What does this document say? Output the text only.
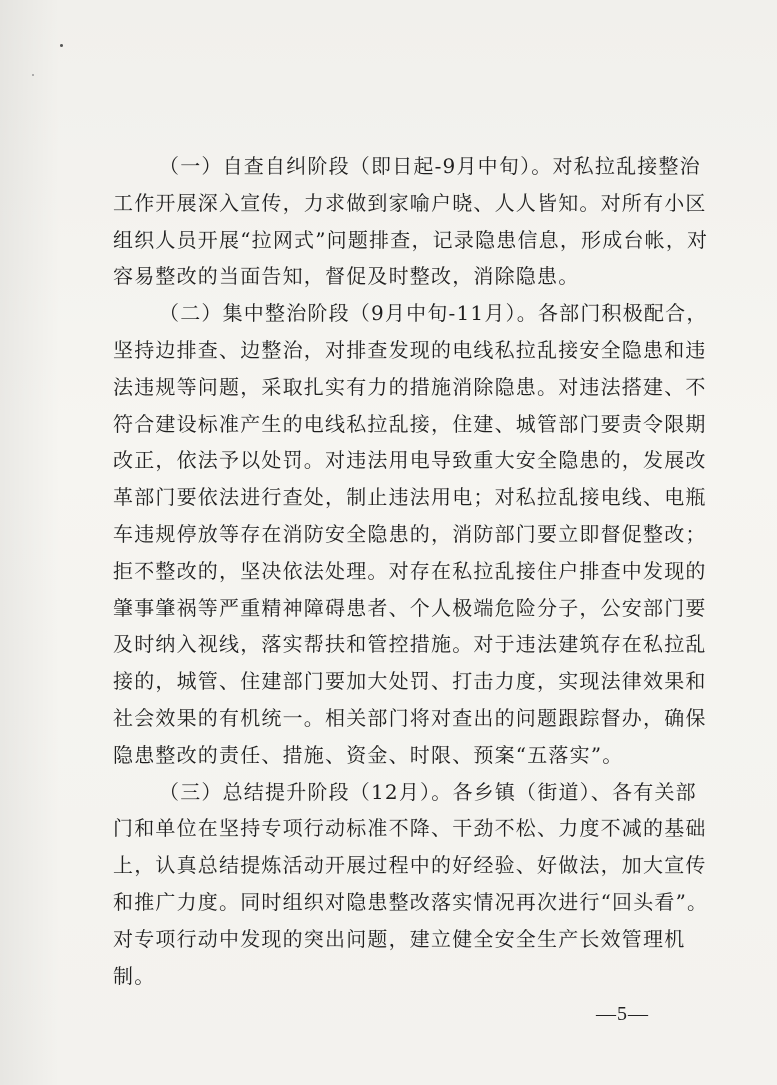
（一）自查自纠阶段（即日起-9月中旬）。对私拉乱接整治
工作开展深入宣传，力求做到家喻户晓、人人皆知。对所有小区
组织人员开展“拉网式”问题排查，记录隐患信息，形成台帐，对
容易整改的当面告知，督促及时整改，消除隐患。
（二）集中整治阶段（9月中旬-11月）。各部门积极配合，
坚持边排查、边整治，对排查发现的电线私拉乱接安全隐患和违
法违规等问题，采取扎实有力的措施消除隐患。对违法搭建、不
符合建设标准产生的电线私拉乱接，住建、城管部门要责令限期
改正，依法予以处罚。对违法用电导致重大安全隐患的，发展改
革部门要依法进行查处，制止违法用电；对私拉乱接电线、电瓶
车违规停放等存在消防安全隐患的，消防部门要立即督促整改；
拒不整改的，坚决依法处理。对存在私拉乱接住户排查中发现的
肇事肇祸等严重精神障碍患者、个人极端危险分子，公安部门要
及时纳入视线，落实帮扶和管控措施。对于违法建筑存在私拉乱
接的，城管、住建部门要加大处罚、打击力度，实现法律效果和
社会效果的有机统一。相关部门将对查出的问题跟踪督办，确保
隐患整改的责任、措施、资金、时限、预案“五落实”。
（三）总结提升阶段（12月）。各乡镇（街道）、各有关部
门和单位在坚持专项行动标准不降、干劲不松、力度不减的基础
上，认真总结提炼活动开展过程中的好经验、好做法，加大宣传
和推广力度。同时组织对隐患整改落实情况再次进行“回头看”。
对专项行动中发现的突出问题，建立健全安全生产长效管理机
制。
—5—
